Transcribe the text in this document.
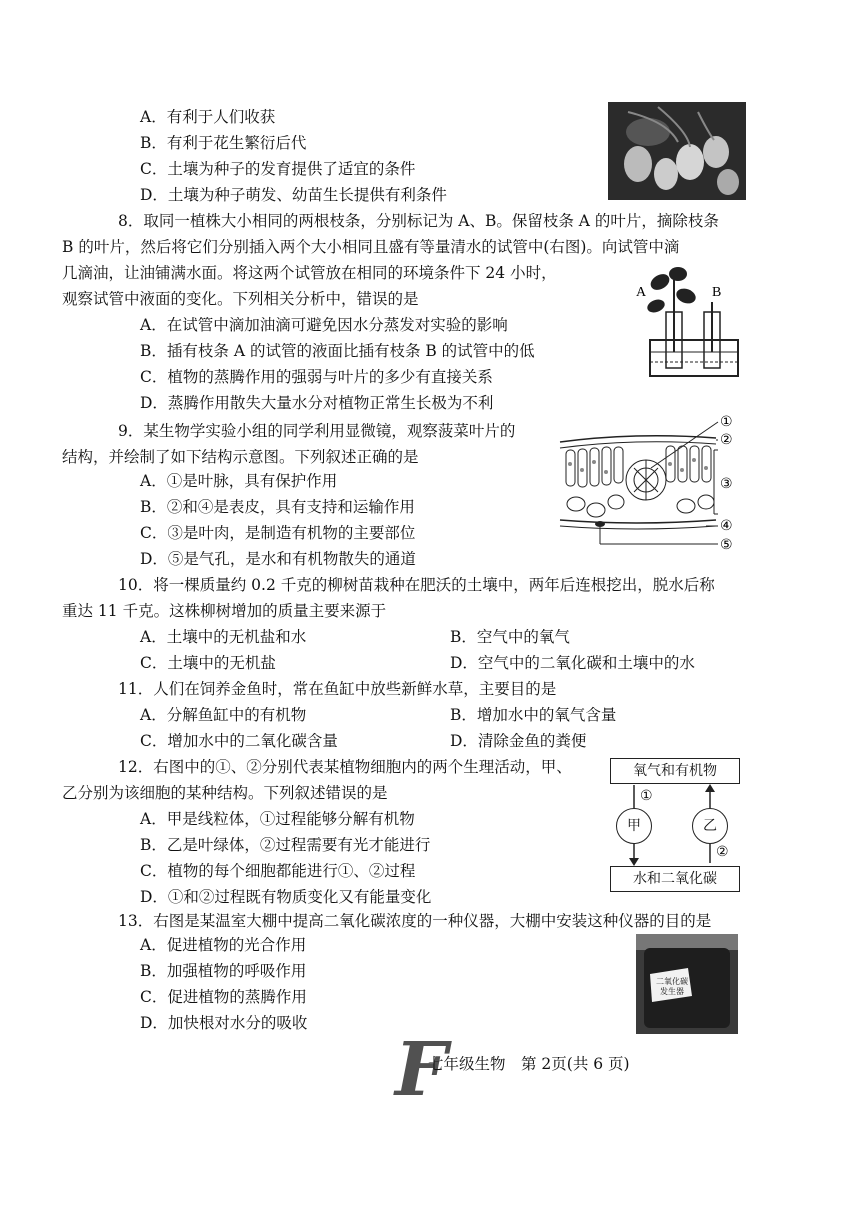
A．有利于人们收获
B．有利于花生繁衍后代
C．土壤为种子的发育提供了适宜的条件
D．土壤为种子萌发、幼苗生长提供有利条件
8．取同一植株大小相同的两根枝条，分别标记为 A、B。保留枝条 A 的叶片，摘除枝条
B 的叶片，然后将它们分别插入两个大小相同且盛有等量清水的试管中(右图)。向试管中滴
几滴油，让油铺满水面。将这两个试管放在相同的环境条件下 24 小时，
观察试管中液面的变化。下列相关分析中，错误的是
A．在试管中滴加油滴可避免因水分蒸发对实验的影响
B．插有枝条 A 的试管的液面比插有枝条 B 的试管中的低
C．植物的蒸腾作用的强弱与叶片的多少有直接关系
D．蒸腾作用散失大量水分对植物正常生长极为不利
A	B
9．某生物学实验小组的同学利用显微镜，观察菠菜叶片的
结构，并绘制了如下结构示意图。下列叙述正确的是
A．①是叶脉，具有保护作用
B．②和④是表皮，具有支持和运输作用
C．③是叶肉，是制造有机物的主要部位
D．⑤是气孔，是水和有机物散失的通道
①
②
③
④
⑤
10．将一棵质量约 0.2 千克的柳树苗栽种在肥沃的土壤中，两年后连根挖出，脱水后称
重达 11 千克。这株柳树增加的质量主要来源于
A．土壤中的无机盐和水	B．空气中的氧气
C．土壤中的无机盐	D．空气中的二氧化碳和土壤中的水
11．人们在饲养金鱼时，常在鱼缸中放些新鲜水草，主要目的是
A．分解鱼缸中的有机物	B．增加水中的氧气含量
C．增加水中的二氧化碳含量	D．清除金鱼的粪便
12．右图中的①、②分别代表某植物细胞内的两个生理活动，甲、
乙分别为该细胞的某种结构。下列叙述错误的是
A．甲是线粒体，①过程能够分解有机物
B．乙是叶绿体，②过程需要有光才能进行
C．植物的每个细胞都能进行①、②过程
D．①和②过程既有物质变化又有能量变化
氧气和有机物
水和二氧化碳
甲	乙
①
②
13．右图是某温室大棚中提高二氧化碳浓度的一种仪器，大棚中安装这种仪器的目的是
A．促进植物的光合作用
B．加强植物的呼吸作用
C．促进植物的蒸腾作用
D．加快根对水分的吸收
二氧化碳
发生器
F
七年级生物　第 2页(共 6 页)
